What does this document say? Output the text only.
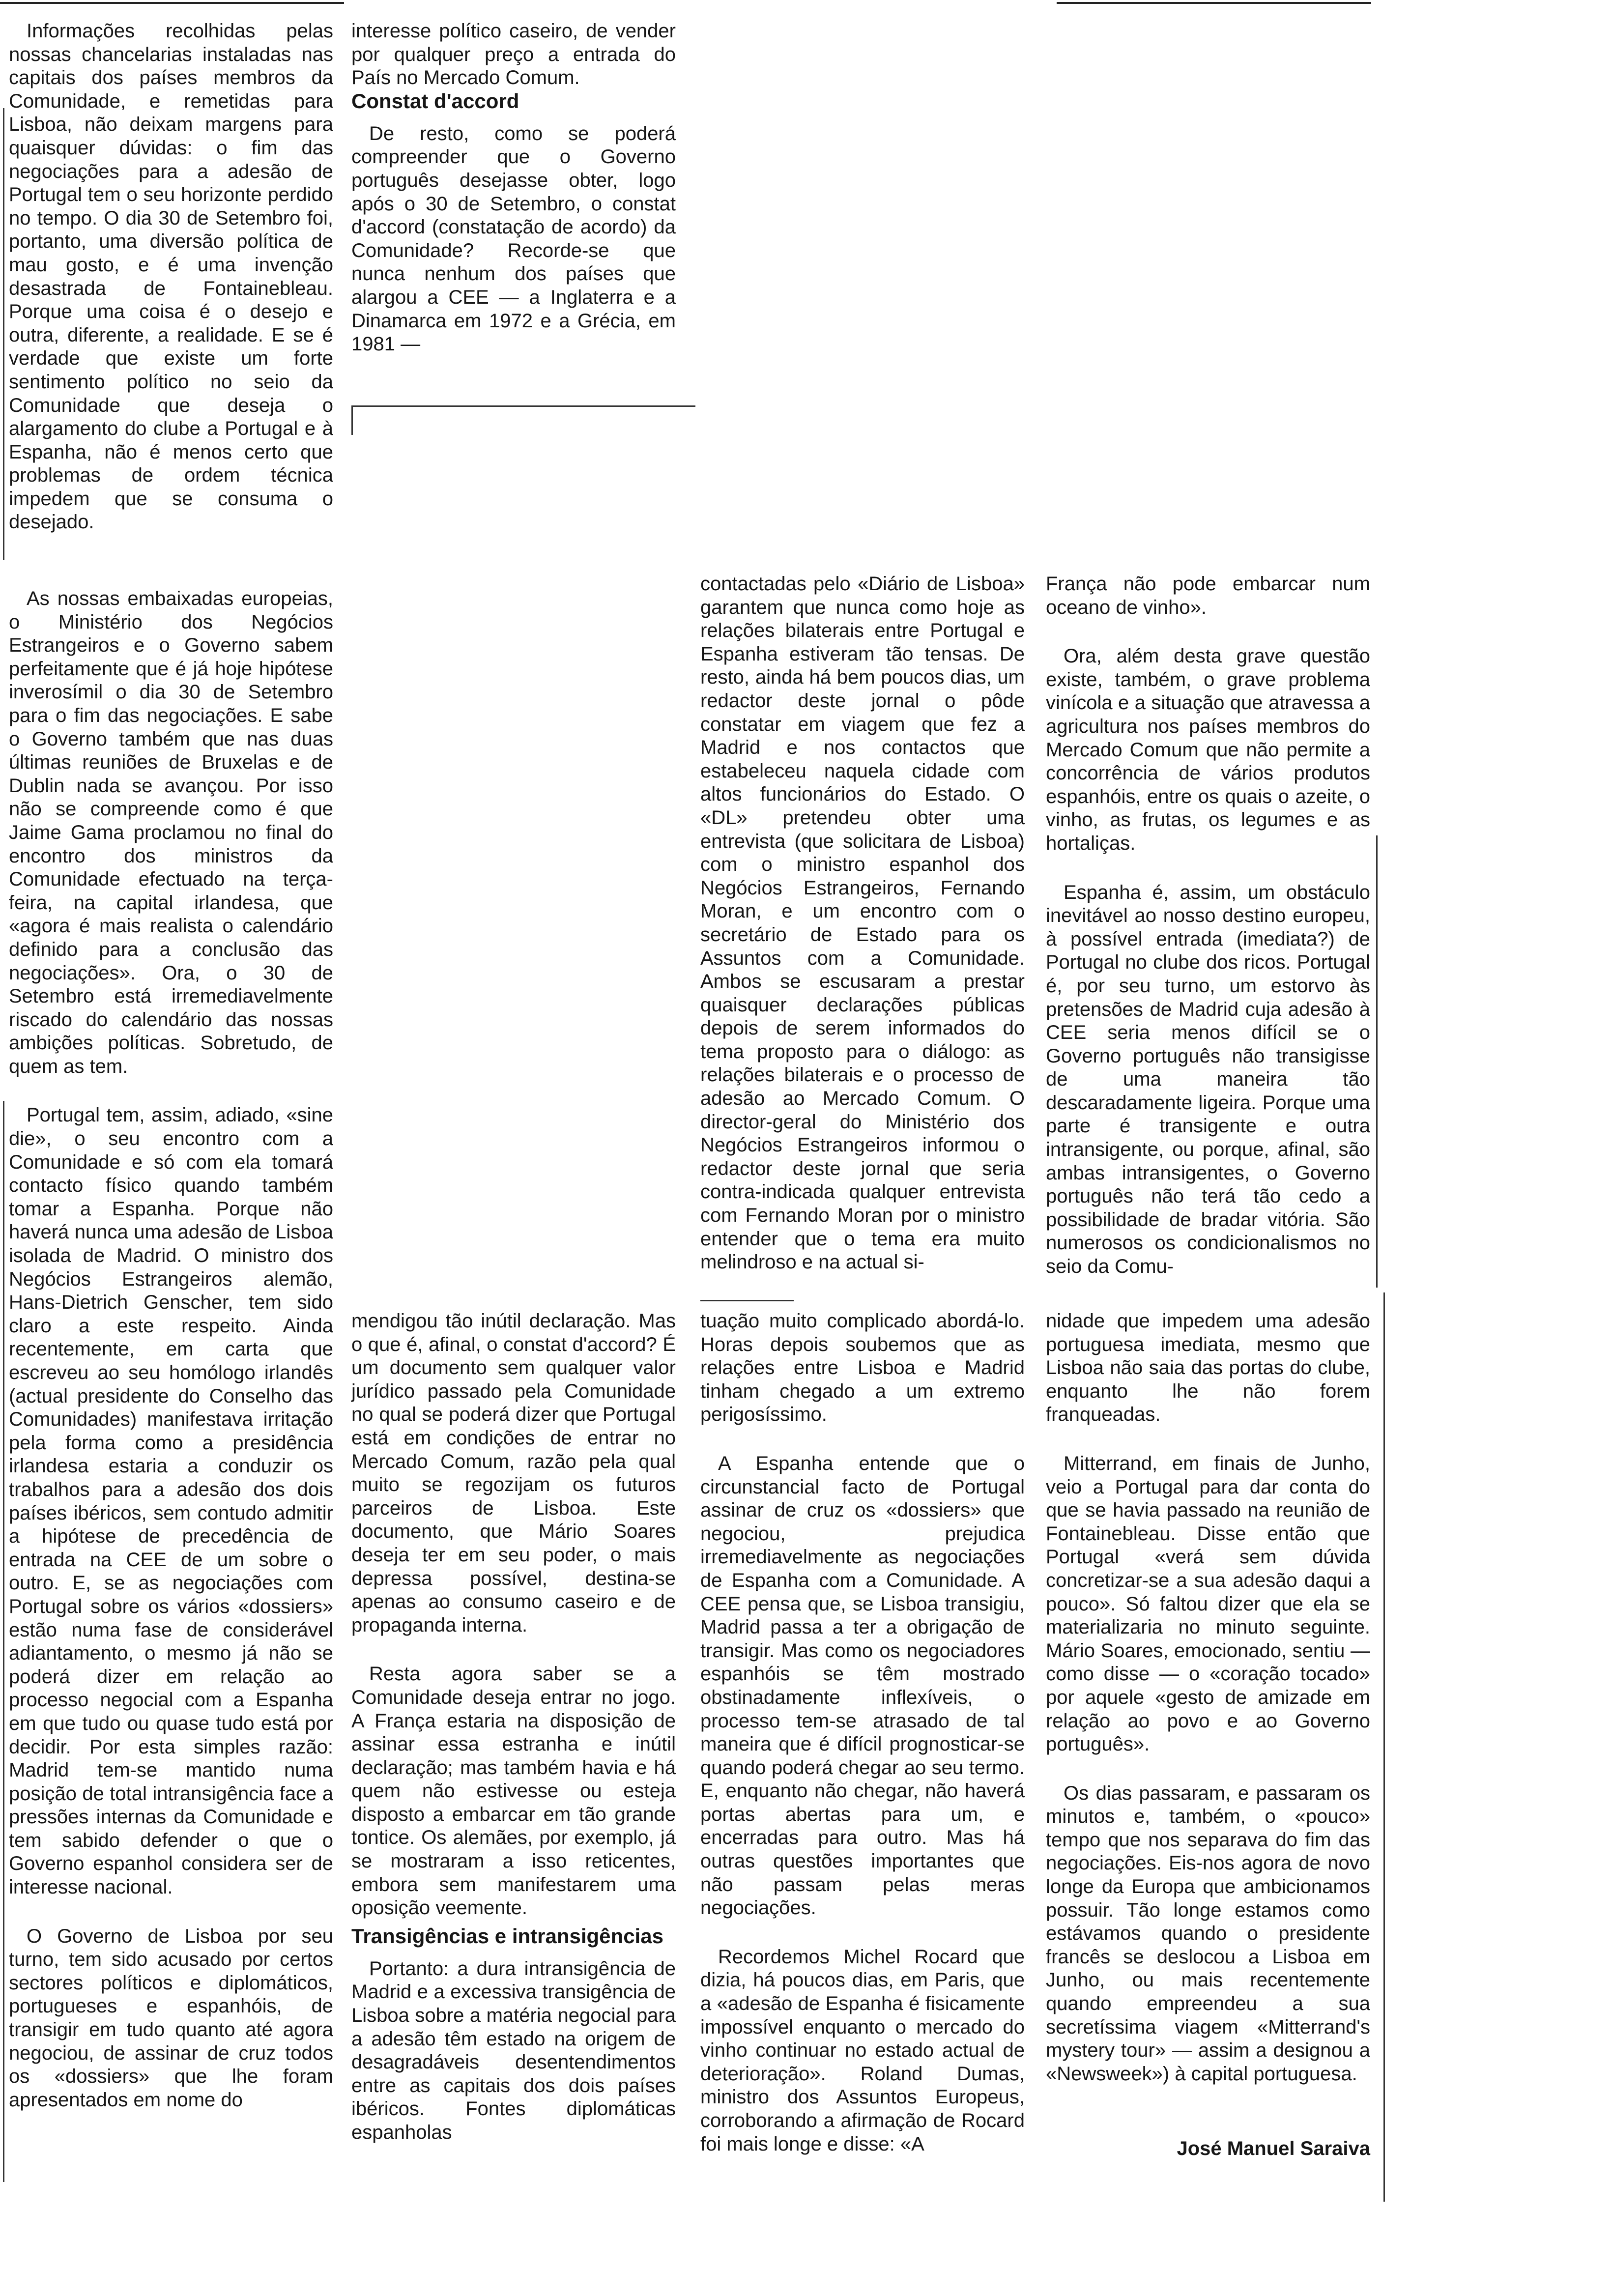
Informações recolhidas pelas nossas chancelarias instaladas nas capitais dos países membros da Comunidade, e remetidas para Lisboa, não deixam margens para quaisquer dúvidas: o fim das negociações para a adesão de Portugal tem o seu horizonte perdido no tempo. O dia 30 de Setembro foi, portanto, uma diversão política de mau gosto, e é uma invenção desastrada de Fontainebleau. Porque uma coisa é o desejo e outra, diferente, a realidade. E se é verdade que existe um forte sentimento político no seio da Comunidade que deseja o alargamento do clube a Portugal e à Espanha, não é menos certo que problemas de ordem técnica impedem que se consuma o desejado.

As nossas embaixadas europeias, o Ministério dos Negócios Estrangeiros e o Governo sabem perfeitamente que é já hoje hipótese inverosímil o dia 30 de Setembro para o fim das negociações. E sabe o Governo também que nas duas últimas reuniões de Bruxelas e de Dublin nada se avançou. Por isso não se compreende como é que Jaime Gama proclamou no final do encontro dos ministros da Comunidade efectuado na terça-feira, na capital irlandesa, que «agora é mais realista o calendário definido para a conclusão das negociações». Ora, o 30 de Setembro está irremediavelmente riscado do calendário das nossas ambições políticas. Sobretudo, de quem as tem.

Portugal tem, assim, adiado, «sine die», o seu encontro com a Comunidade e só com ela tomará contacto físico quando também tomar a Espanha. Porque não haverá nunca uma adesão de Lisboa isolada de Madrid. O ministro dos Negócios Estrangeiros alemão, Hans-Dietrich Genscher, tem sido claro a este respeito. Ainda recentemente, em carta que escreveu ao seu homólogo irlandês (actual presidente do Conselho das Comunidades) manifestava irritação pela forma como a presidência irlandesa estaria a conduzir os trabalhos para a adesão dos dois países ibéricos, sem contudo admitir a hipótese de precedência de entrada na CEE de um sobre o outro. E, se as negociações com Portugal sobre os vários «dossiers» estão numa fase de considerável adiantamento, o mesmo já não se poderá dizer em relação ao processo negocial com a Espanha em que tudo ou quase tudo está por decidir. Por esta simples razão: Madrid tem-se mantido numa posição de total intransigência face a pressões internas da Comunidade e tem sabido defender o que o Governo espanhol considera ser de interesse nacional.

O Governo de Lisboa por seu turno, tem sido acusado por certos sectores políticos e diplomáticos, portugueses e espanhóis, de transigir em tudo quanto até agora negociou, de assinar de cruz todos os «dossiers» que lhe foram apresentados em nome do

interesse político caseiro, de vender por qualquer preço a entrada do País no Mercado Comum.

Constat d'accord

De resto, como se poderá compreender que o Governo português desejasse obter, logo após o 30 de Setembro, o constat d'accord (constatação de acordo) da Comunidade? Recorde-se que nunca nenhum dos países que alargou a CEE — a Inglaterra e a Dinamarca em 1972 e a Grécia, em 1981 —

mendigou tão inútil declaração. Mas o que é, afinal, o constat d'accord? É um documento sem qualquer valor jurídico passado pela Comunidade no qual se poderá dizer que Portugal está em condições de entrar no Mercado Comum, razão pela qual muito se regozijam os futuros parceiros de Lisboa. Este documento, que Mário Soares deseja ter em seu poder, o mais depressa possível, destina-se apenas ao consumo caseiro e de propaganda interna.

Resta agora saber se a Comunidade deseja entrar no jogo. A França estaria na disposição de assinar essa estranha e inútil declaração; mas também havia e há quem não estivesse ou esteja disposto a embarcar em tão grande tontice. Os alemães, por exemplo, já se mostraram a isso reticentes, embora sem manifestarem uma oposição veemente.

Transigências e intransigências

Portanto: a dura intransigência de Madrid e a excessiva transigência de Lisboa sobre a matéria negocial para a adesão têm estado na origem de desagradáveis desentendimentos entre as capitais dos dois países ibéricos. Fontes diplomáticas espanholas

contactadas pelo «Diário de Lisboa» garantem que nunca como hoje as relações bilaterais entre Portugal e Espanha estiveram tão tensas. De resto, ainda há bem poucos dias, um redactor deste jornal o pôde constatar em viagem que fez a Madrid e nos contactos que estabeleceu naquela cidade com altos funcionários do Estado. O «DL» pretendeu obter uma entrevista (que solicitara de Lisboa) com o ministro espanhol dos Negócios Estrangeiros, Fernando Moran, e um encontro com o secretário de Estado para os Assuntos com a Comunidade. Ambos se escusaram a prestar quaisquer declarações públicas depois de serem informados do tema proposto para o diálogo: as relações bilaterais e o processo de adesão ao Mercado Comum. O director-geral do Ministério dos Negócios Estrangeiros informou o redactor deste jornal que seria contra-indicada qualquer entrevista com Fernando Moran por o ministro entender que o tema era muito melindroso e na actual si-

tuação muito complicado abordá-lo. Horas depois soubemos que as relações entre Lisboa e Madrid tinham chegado a um extremo perigosíssimo.

A Espanha entende que o circunstancial facto de Portugal assinar de cruz os «dossiers» que negociou, prejudica irremediavelmente as negociações de Espanha com a Comunidade. A CEE pensa que, se Lisboa transigiu, Madrid passa a ter a obrigação de transigir. Mas como os negociadores espanhóis se têm mostrado obstinadamente inflexíveis, o processo tem-se atrasado de tal maneira que é difícil prognosticar-se quando poderá chegar ao seu termo. E, enquanto não chegar, não haverá portas abertas para um, e encerradas para outro. Mas há outras questões importantes que não passam pelas meras negociações.

Recordemos Michel Rocard que dizia, há poucos dias, em Paris, que a «adesão de Espanha é fisicamente impossível enquanto o mercado do vinho continuar no estado actual de deterioração». Roland Dumas, ministro dos Assuntos Europeus, corroborando a afirmação de Rocard foi mais longe e disse: «A

França não pode embarcar num oceano de vinho».

Ora, além desta grave questão existe, também, o grave problema vinícola e a situação que atravessa a agricultura nos países membros do Mercado Comum que não permite a concorrência de vários produtos espanhóis, entre os quais o azeite, o vinho, as frutas, os legumes e as hortaliças.

Espanha é, assim, um obstáculo inevitável ao nosso destino europeu, à possível entrada (imediata?) de Portugal no clube dos ricos. Portugal é, por seu turno, um estorvo às pretensões de Madrid cuja adesão à CEE seria menos difícil se o Governo português não transigisse de uma maneira tão descaradamente ligeira. Porque uma parte é transigente e outra intransigente, ou porque, afinal, são ambas intransigentes, o Governo português não terá tão cedo a possibilidade de bradar vitória. São numerosos os condicionalismos no seio da Comu-

nidade que impedem uma adesão portuguesa imediata, mesmo que Lisboa não saia das portas do clube, enquanto lhe não forem franqueadas.

Mitterrand, em finais de Junho, veio a Portugal para dar conta do que se havia passado na reunião de Fontainebleau. Disse então que Portugal «verá sem dúvida concretizar-se a sua adesão daqui a pouco». Só faltou dizer que ela se materializaria no minuto seguinte. Mário Soares, emocionado, sentiu — como disse — o «coração tocado» por aquele «gesto de amizade em relação ao povo e ao Governo português».

Os dias passaram, e passaram os minutos e, também, o «pouco» tempo que nos separava do fim das negociações. Eis-nos agora de novo longe da Europa que ambicionamos possuir. Tão longe estamos como estávamos quando o presidente francês se deslocou a Lisboa em Junho, ou mais recentemente quando empreendeu a sua secretíssima viagem «Mitterrand's mystery tour» — assim a designou a «Newsweek») à capital portuguesa.

José Manuel Saraiva
